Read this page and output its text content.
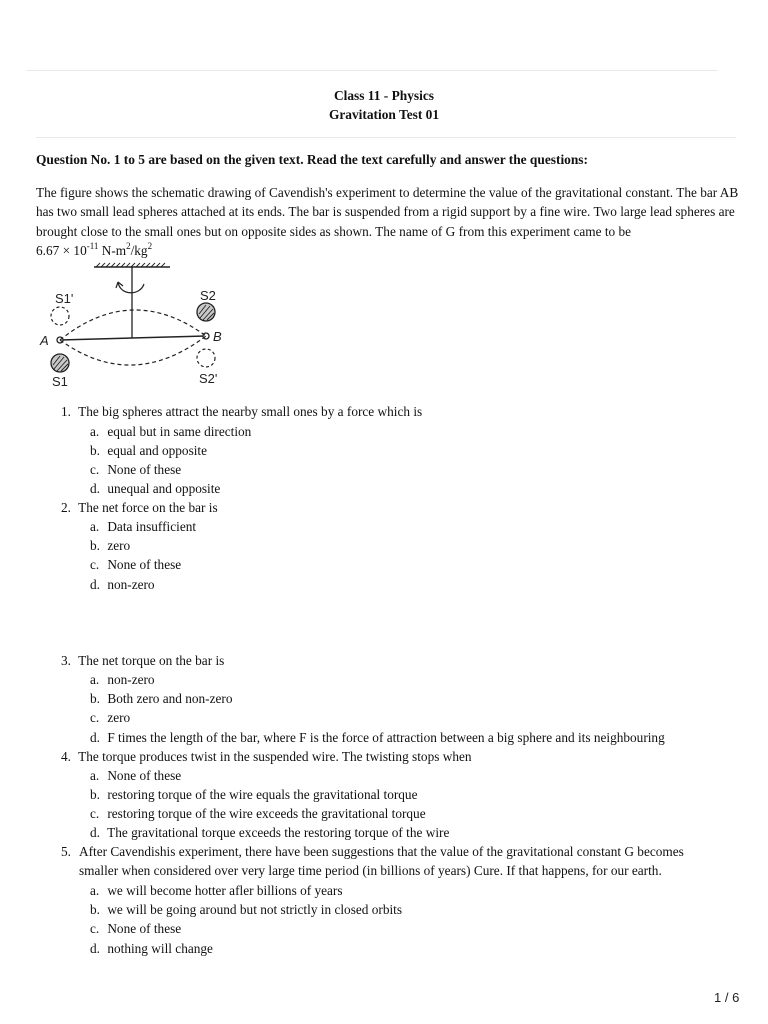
Class 11 - Physics
Gravitation Test 01
Question No. 1 to 5 are based on the given text. Read the text carefully and answer the questions:
The figure shows the schematic drawing of Cavendish's experiment to determine the value of the gravitational constant. The bar AB has two small lead spheres attached at its ends. The bar is suspended from a rigid support by a fine wire. Two large lead spheres are brought close to the small ones but on opposite sides as shown. The name of G from this experiment came to be
$6.67 \times 10^{-11}$ $N-m^2/kg^2$
S1'	S2
A	B
S1	S2'
1. The big spheres attract the nearby small ones by a force which is
a. equal but in same direction
b. equal and opposite
c. None of these
d. unequal and opposite
2. The net force on the bar is
a. Data insufficient
b. zero
c. None of these
d. non-zero
3. The net torque on the bar is
a. non-zero
b. Both zero and non-zero
c. zero
d. F times the length of the bar, where F is the force of attraction between a big sphere and its neighbouring
4. The torque produces twist in the suspended wire. The twisting stops when
a. None of these
b. restoring torque of the wire equals the gravitational torque
c. restoring torque of the wire exceeds the gravitational torque
d. The gravitational torque exceeds the restoring torque of the wire
5. After Cavendishis experiment, there have been suggestions that the value of the gravitational constant G becomes smaller when considered over very large time period (in billions of years) Cure. If that happens, for our earth.
a. we will become hotter afler billions of years
b. we will be going around but not strictly in closed orbits
c. None of these
d. nothing will change
1 / 6
